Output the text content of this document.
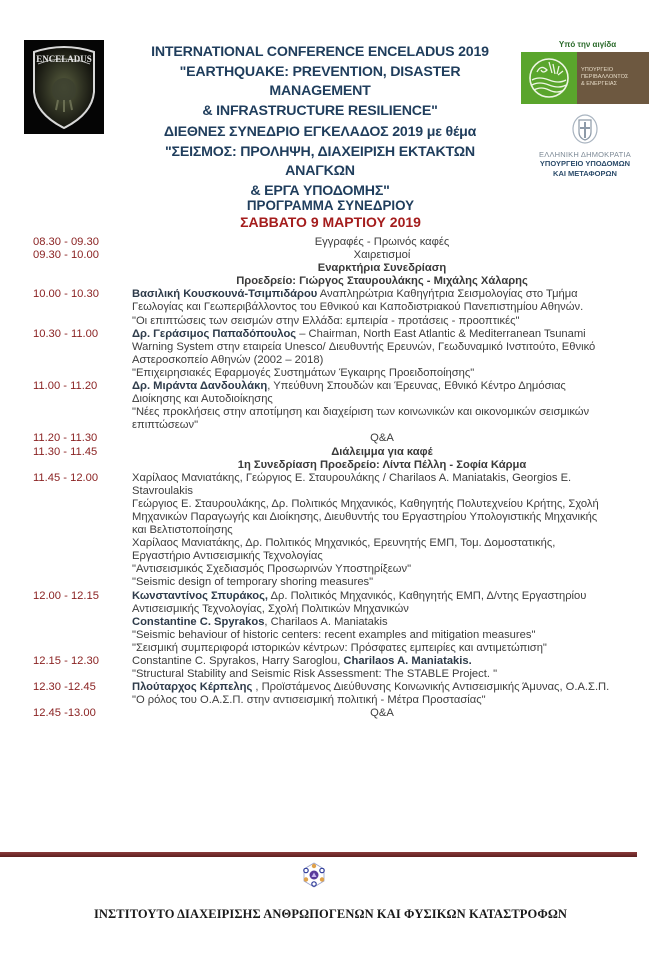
ENCELADUS	INTERNATIONAL CONFERENCE ENCELADUS 2019
"EARTHQUAKE: PREVENTION, DISASTER MANAGEMENT
& INFRASTRUCTURE RESILIENCE"
ΔΙΕΘΝΕΣ ΣΥΝΕΔΡΙΟ ΕΓΚΕΛΑΔΟΣ 2019 με θέμα
"ΣΕΙΣΜΟΣ: ΠΡΟΛΗΨΗ, ΔΙΑΧΕΙΡΙΣΗ ΕΚΤΑΚΤΩΝ ΑΝΑΓΚΩΝ
& ΕΡΓΑ ΥΠΟΔΟΜΗΣ"
Υπό την αιγίδα
ΥΠΟΥΡΓΕΙΟ
ΠΕΡΙΒΑΛΛΟΝΤΟΣ
& ΕΝΕΡΓΕΙΑΣ
ΕΛΛΗΝΙΚΗ ΔΗΜΟΚΡΑΤΙΑ
ΥΠΟΥΡΓΕΙΟ ΥΠΟΔΟΜΩΝ
ΚΑΙ ΜΕΤΑΦΟΡΩΝ
ΠΡΟΓΡΑΜΜΑ ΣΥΝΕΔΡΙΟΥ
ΣΑΒΒΑΤΟ 9 ΜΑΡΤΙΟΥ 2019
08.30 - 09.30	Εγγραφές - Πρωινός καφές
09.30 - 10.00	Χαιρετισμοί
Εναρκτήρια Συνεδρίαση
Προεδρείο: Γιώργος Σταυρουλάκης - Μιχάλης Χάλαρης
10.00 - 10.30	Βασιλική Κουσκουνά-Τσιμπιδάρου Αναπληρώτρια Καθηγήτρια Σεισμολογίας στο Τμήμα
Γεωλογίας και Γεωπεριβάλλοντος του Εθνικού και Καποδιστριακού Πανεπιστημίου Αθηνών.
"Οι επιπτώσεις των σεισμών στην Ελλάδα: εμπειρία - προτάσεις - προοπτικές"
10.30 - 11.00	Δρ. Γεράσιμος Παπαδόπουλος – Chairman, North East Atlantic & Mediterranean Tsunami
Warning System στην εταιρεία Unesco/ Διευθυντής Ερευνών, Γεωδυναμικό Ινστιτούτο, Εθνικό
Αστεροσκοπείο Αθηνών (2002 – 2018)
"Επιχειρησιακές Εφαρμογές Συστημάτων Έγκαιρης Προειδοποίησης"
11.00 - 11.20	Δρ. Μιράντα Δανδουλάκη, Υπεύθυνη Σπουδών και Έρευνας, Εθνικό Κέντρο Δημόσιας
Διοίκησης και Αυτοδιοίκησης
"Νέες προκλήσεις στην αποτίμηση και διαχείριση των κοινωνικών και οικονομικών σεισμικών
επιπτώσεων"
11.20 - 11.30	Q&A
11.30 - 11.45	Διάλειμμα για καφέ
1η Συνεδρίαση Προεδρείο: Λίντα Πέλλη - Σοφία Κάρμα
11.45 - 12.00	Χαρίλαος Μανιατάκης, Γεώργιος Ε. Σταυρουλάκης / Charilaos A. Maniatakis, Georgios E.
Stavroulakis
Γεώργιος Ε. Σταυρουλάκης, Δρ. Πολιτικός Μηχανικός, Καθηγητής Πολυτεχνείου Κρήτης, Σχολή
Μηχανικών Παραγωγής και Διοίκησης, Διευθυντής του Εργαστηρίου Υπολογιστικής Μηχανικής
και Βελτιστοποίησης
Χαρίλαος Μανιατάκης, Δρ. Πολιτικός Μηχανικός, Ερευνητής ΕΜΠ, Τομ. Δομοστατικής,
Εργαστήριο Αντισεισμικής Τεχνολογίας
"Αντισεισμικός Σχεδιασμός Προσωρινών Υποστηρίξεων"
"Seismic design of temporary shoring measures"
12.00 - 12.15	Κωνσταντίνος Σπυράκος, Δρ. Πολιτικός Μηχανικός, Καθηγητής ΕΜΠ, Δ/ντης Εργαστηρίου
Αντισεισμικής Τεχνολογίας, Σχολή Πολιτικών Μηχανικών
Constantine C. Spyrakos, Charilaos A. Maniatakis
"Seismic behaviour of historic centers: recent examples and mitigation measures"
"Σεισμική συμπεριφορά ιστορικών κέντρων: Πρόσφατες εμπειρίες και αντιμετώπιση"
12.15 - 12.30	Constantine C. Spyrakos, Harry Saroglou, Charilaos A. Maniatakis.
"Structural Stability and Seismic Risk Assessment: The STABLE Project. "
12.30 -12.45	Πλούταρχος Κέρπελης , Προϊστάμενος Διεύθυνσης Κοινωνικής Αντισεισμικής Άμυνας, Ο.Α.Σ.Π.
"Ο ρόλος του Ο.Α.Σ.Π. στην αντισεισμική πολιτική - Μέτρα Προστασίας"
12.45 -13.00	Q&A
ΙΝΣΤΙΤΟΥΤΟ ΔΙΑΧΕΙΡΙΣΗΣ ΑΝΘΡΩΠΟΓΕΝΩΝ ΚΑΙ ΦΥΣΙΚΩΝ ΚΑΤΑΣΤΡΟΦΩΝ
